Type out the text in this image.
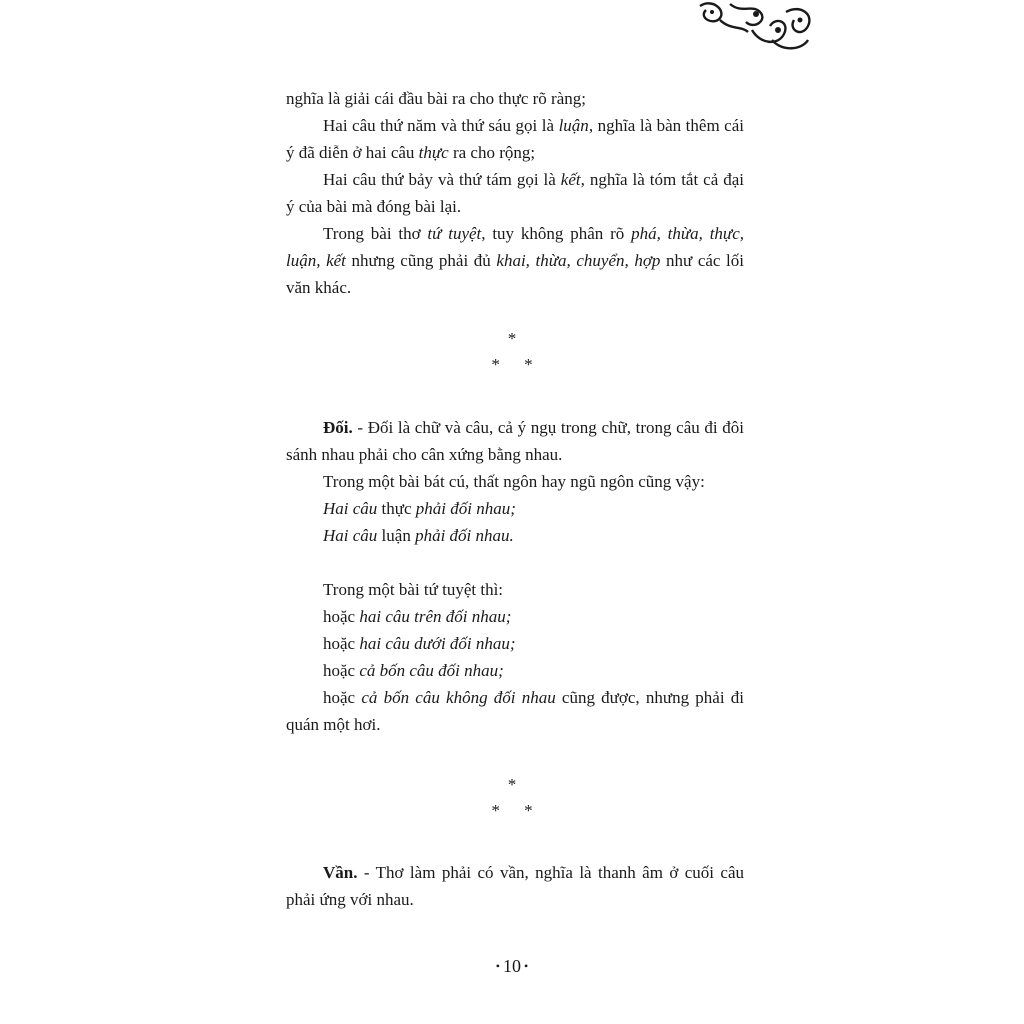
nghĩa là giải cái đầu bài ra cho thực rõ ràng;

Hai câu thứ năm và thứ sáu gọi là luận, nghĩa là bàn thêm cái ý đã diễn ở hai câu thực ra cho rộng;

Hai câu thứ bảy và thứ tám gọi là kết, nghĩa là tóm tắt cả đại ý của bài mà đóng bài lại.

Trong bài thơ tứ tuyệt, tuy không phân rõ phá, thừa, thực, luận, kết nhưng cũng phải đủ khai, thừa, chuyển, hợp như các lối văn khác.

*
* *

Đối. - Đối là chữ và câu, cả ý ngụ trong chữ, trong câu đi đôi sánh nhau phải cho cân xứng bằng nhau.

Trong một bài bát cú, thất ngôn hay ngũ ngôn cũng vậy:

Hai câu thực phải đối nhau;

Hai câu luận phải đối nhau.

Trong một bài tứ tuyệt thì:

hoặc hai câu trên đối nhau;

hoặc hai câu dưới đối nhau;

hoặc cả bốn câu đối nhau;

hoặc cả bốn câu không đối nhau cũng được, nhưng phải đi quán một hơi.

*
* *

Vần. - Thơ làm phải có vần, nghĩa là thanh âm ở cuối câu phải ứng với nhau.

• 10 •
